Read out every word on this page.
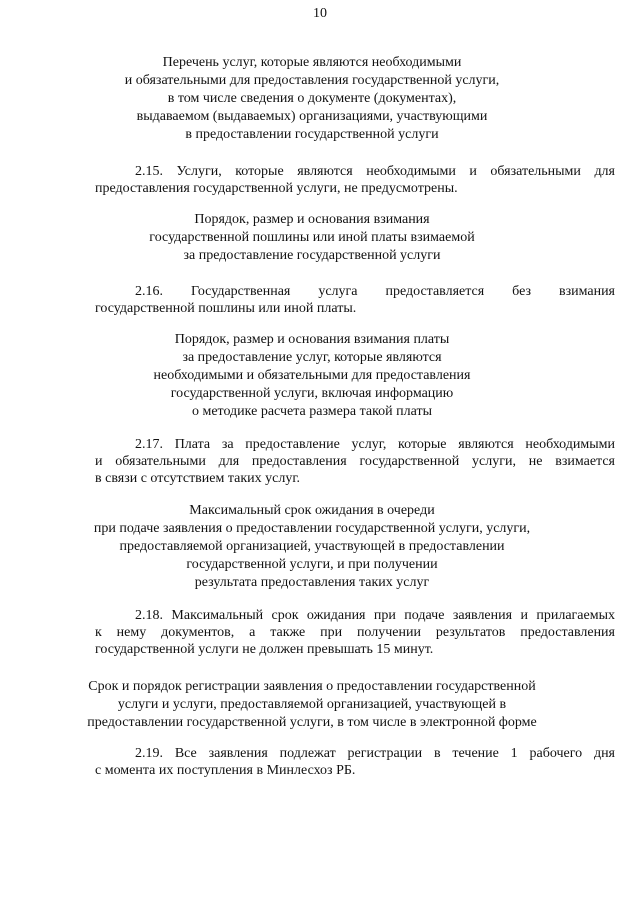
10
Перечень услуг, которые являются необходимыми
и обязательными для предоставления государственной услуги,
в том числе сведения о документе (документах),
выдаваемом (выдаваемых) организациями, участвующими
в предоставлении государственной услуги
2.15. Услуги, которые являются необходимыми и обязательными для
предоставления государственной услуги, не предусмотрены.
Порядок, размер и основания взимания
государственной пошлины или иной платы взимаемой
за предоставление государственной услуги
2.16. Государственная услуга предоставляется без взимания
государственной пошлины или иной платы.
Порядок, размер и основания взимания платы
за предоставление услуг, которые являются
необходимыми и обязательными для предоставления
государственной услуги, включая информацию
о методике расчета размера такой платы
2.17. Плата за предоставление услуг, которые являются необходимыми
и обязательными для предоставления государственной услуги, не взимается
в связи с отсутствием таких услуг.
Максимальный срок ожидания в очереди
при подаче заявления о предоставлении государственной услуги, услуги,
предоставляемой организацией, участвующей в предоставлении
государственной услуги, и при получении
результата предоставления таких услуг
2.18. Максимальный срок ожидания при подаче заявления и прилагаемых
к нему документов, а также при получении результатов предоставления
государственной услуги не должен превышать 15 минут.
Срок и порядок регистрации заявления о предоставлении государственной
услуги и услуги, предоставляемой организацией, участвующей в
предоставлении государственной услуги, в том числе в электронной форме
2.19. Все заявления подлежат регистрации в течение 1 рабочего дня
с момента их поступления в Минлесхоз РБ.
